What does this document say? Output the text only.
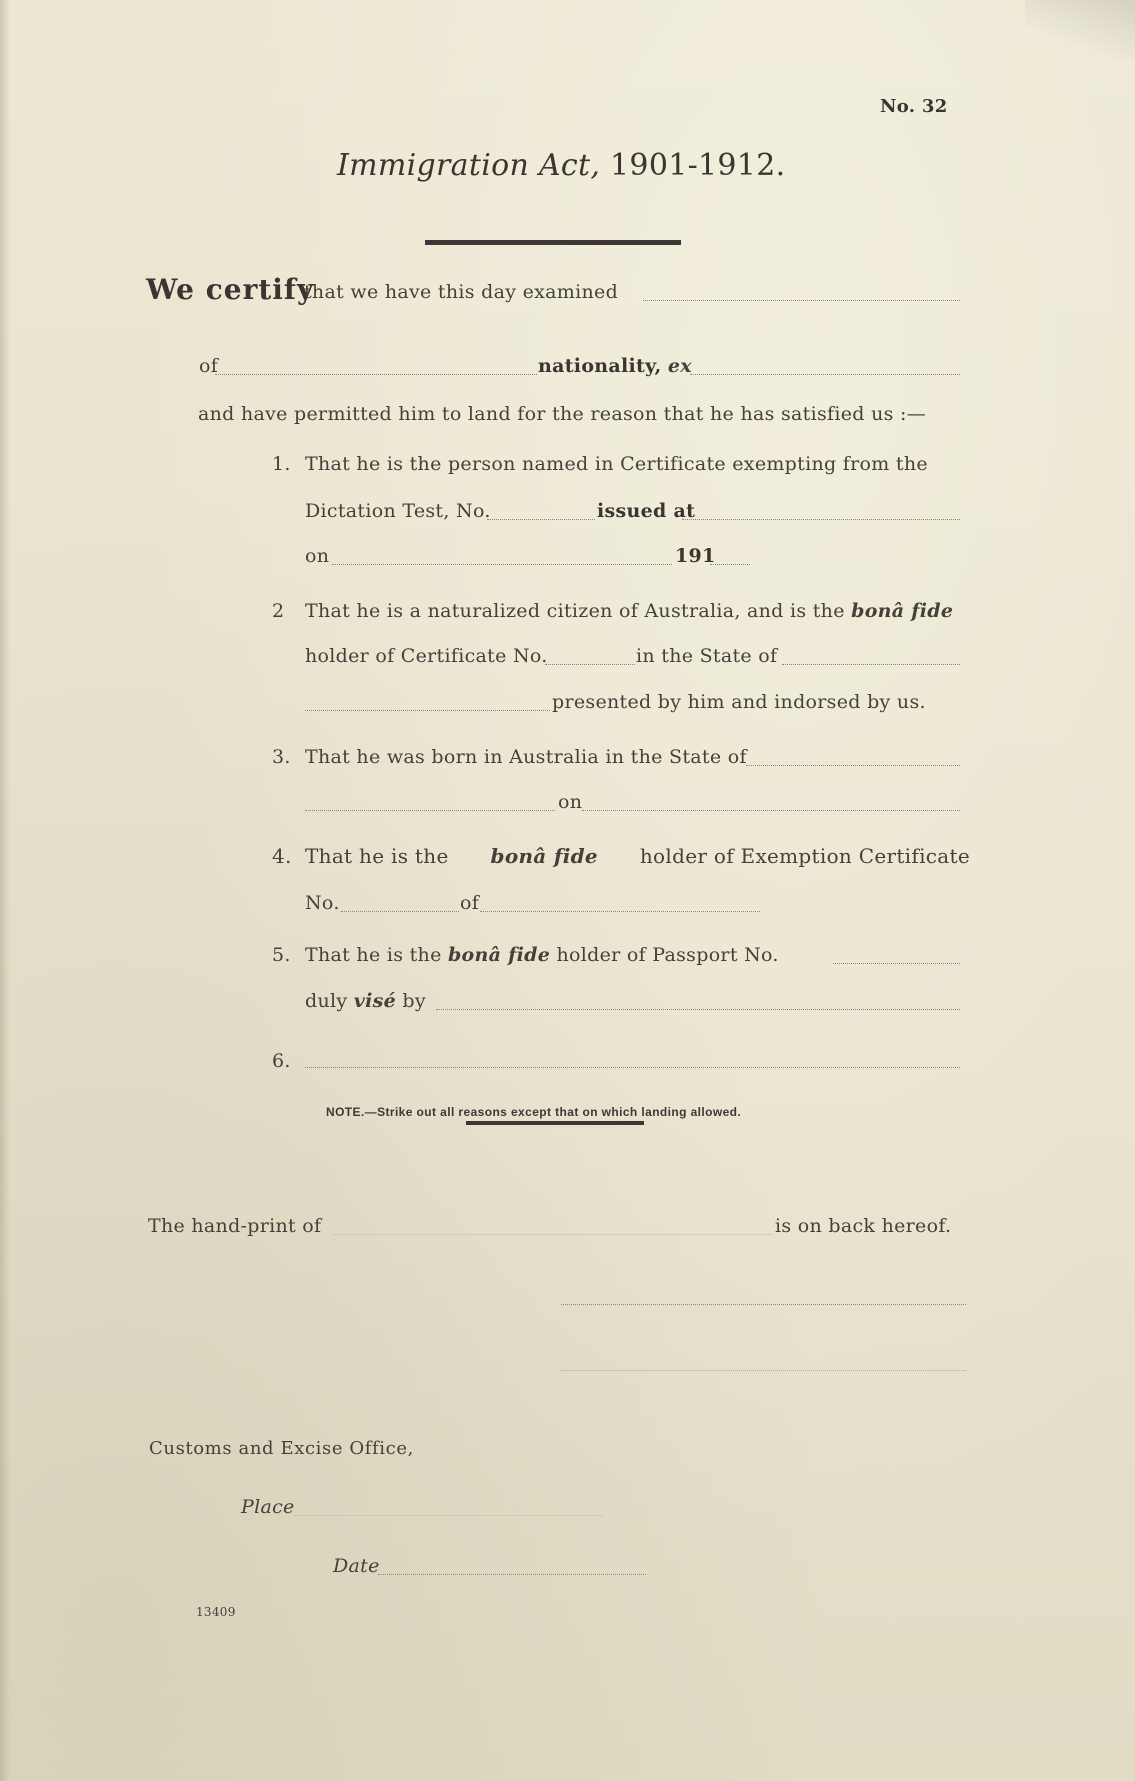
No. 32
Immigration Act, 1901-1912.
We certify
that we have this day examined
of	nationality, ex
and have permitted him to land for the reason that he has satisfied us :—
1. That he is the person named in Certificate exempting from the
Dictation Test, No.	issued at
on	191
2 That he is a naturalized citizen of Australia, and is the bonâ fide
holder of Certificate No.	in the State of
presented by him and indorsed by us.
3. That he was born in Australia in the State of
on
4. That he is the bonâ fide holder of Exemption Certificate
No.	of
5. That he is the bonâ fide holder of Passport No.
duly visé by
6.
NOTE.—Strike out all reasons except that on which landing allowed.
The hand-print of	is on back hereof.
Customs and Excise Office,
Place
Date
13409
